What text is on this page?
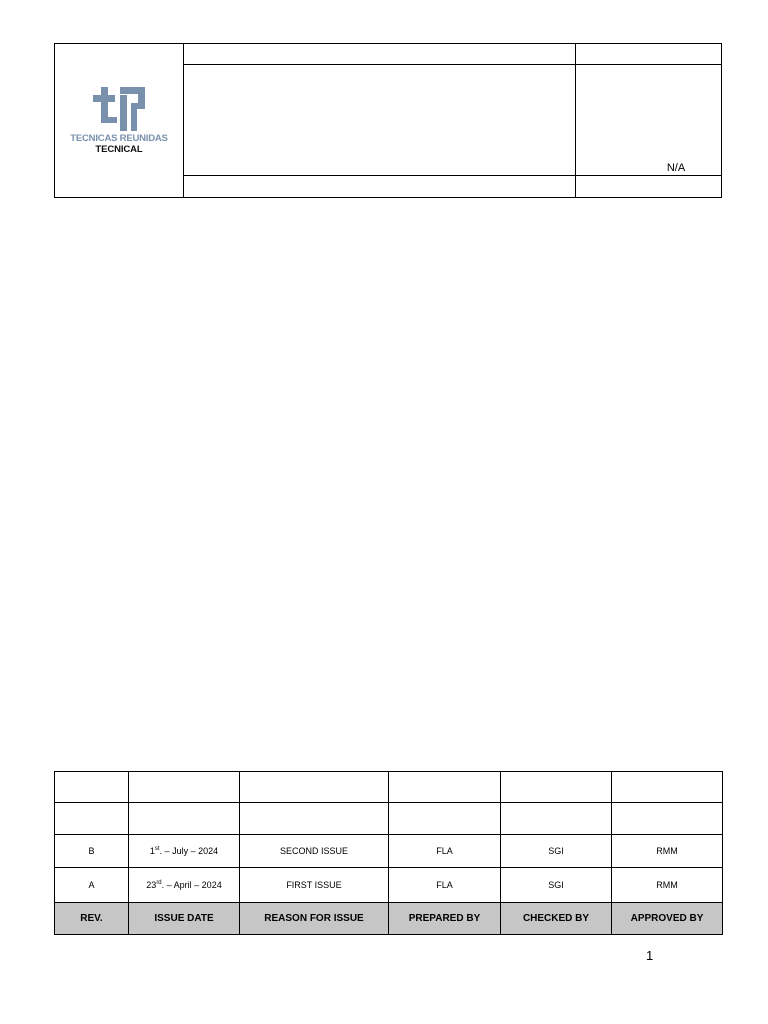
TECNICAS REUNIDAS
TECNICAL
N/A

B	1st. – July – 2024	SECOND ISSUE	FLA	SGI	RMM
A	23rd. – April – 2024	FIRST ISSUE	FLA	SGI	RMM
REV.	ISSUE DATE	REASON FOR ISSUE	PREPARED BY	CHECKED BY	APPROVED BY
1
